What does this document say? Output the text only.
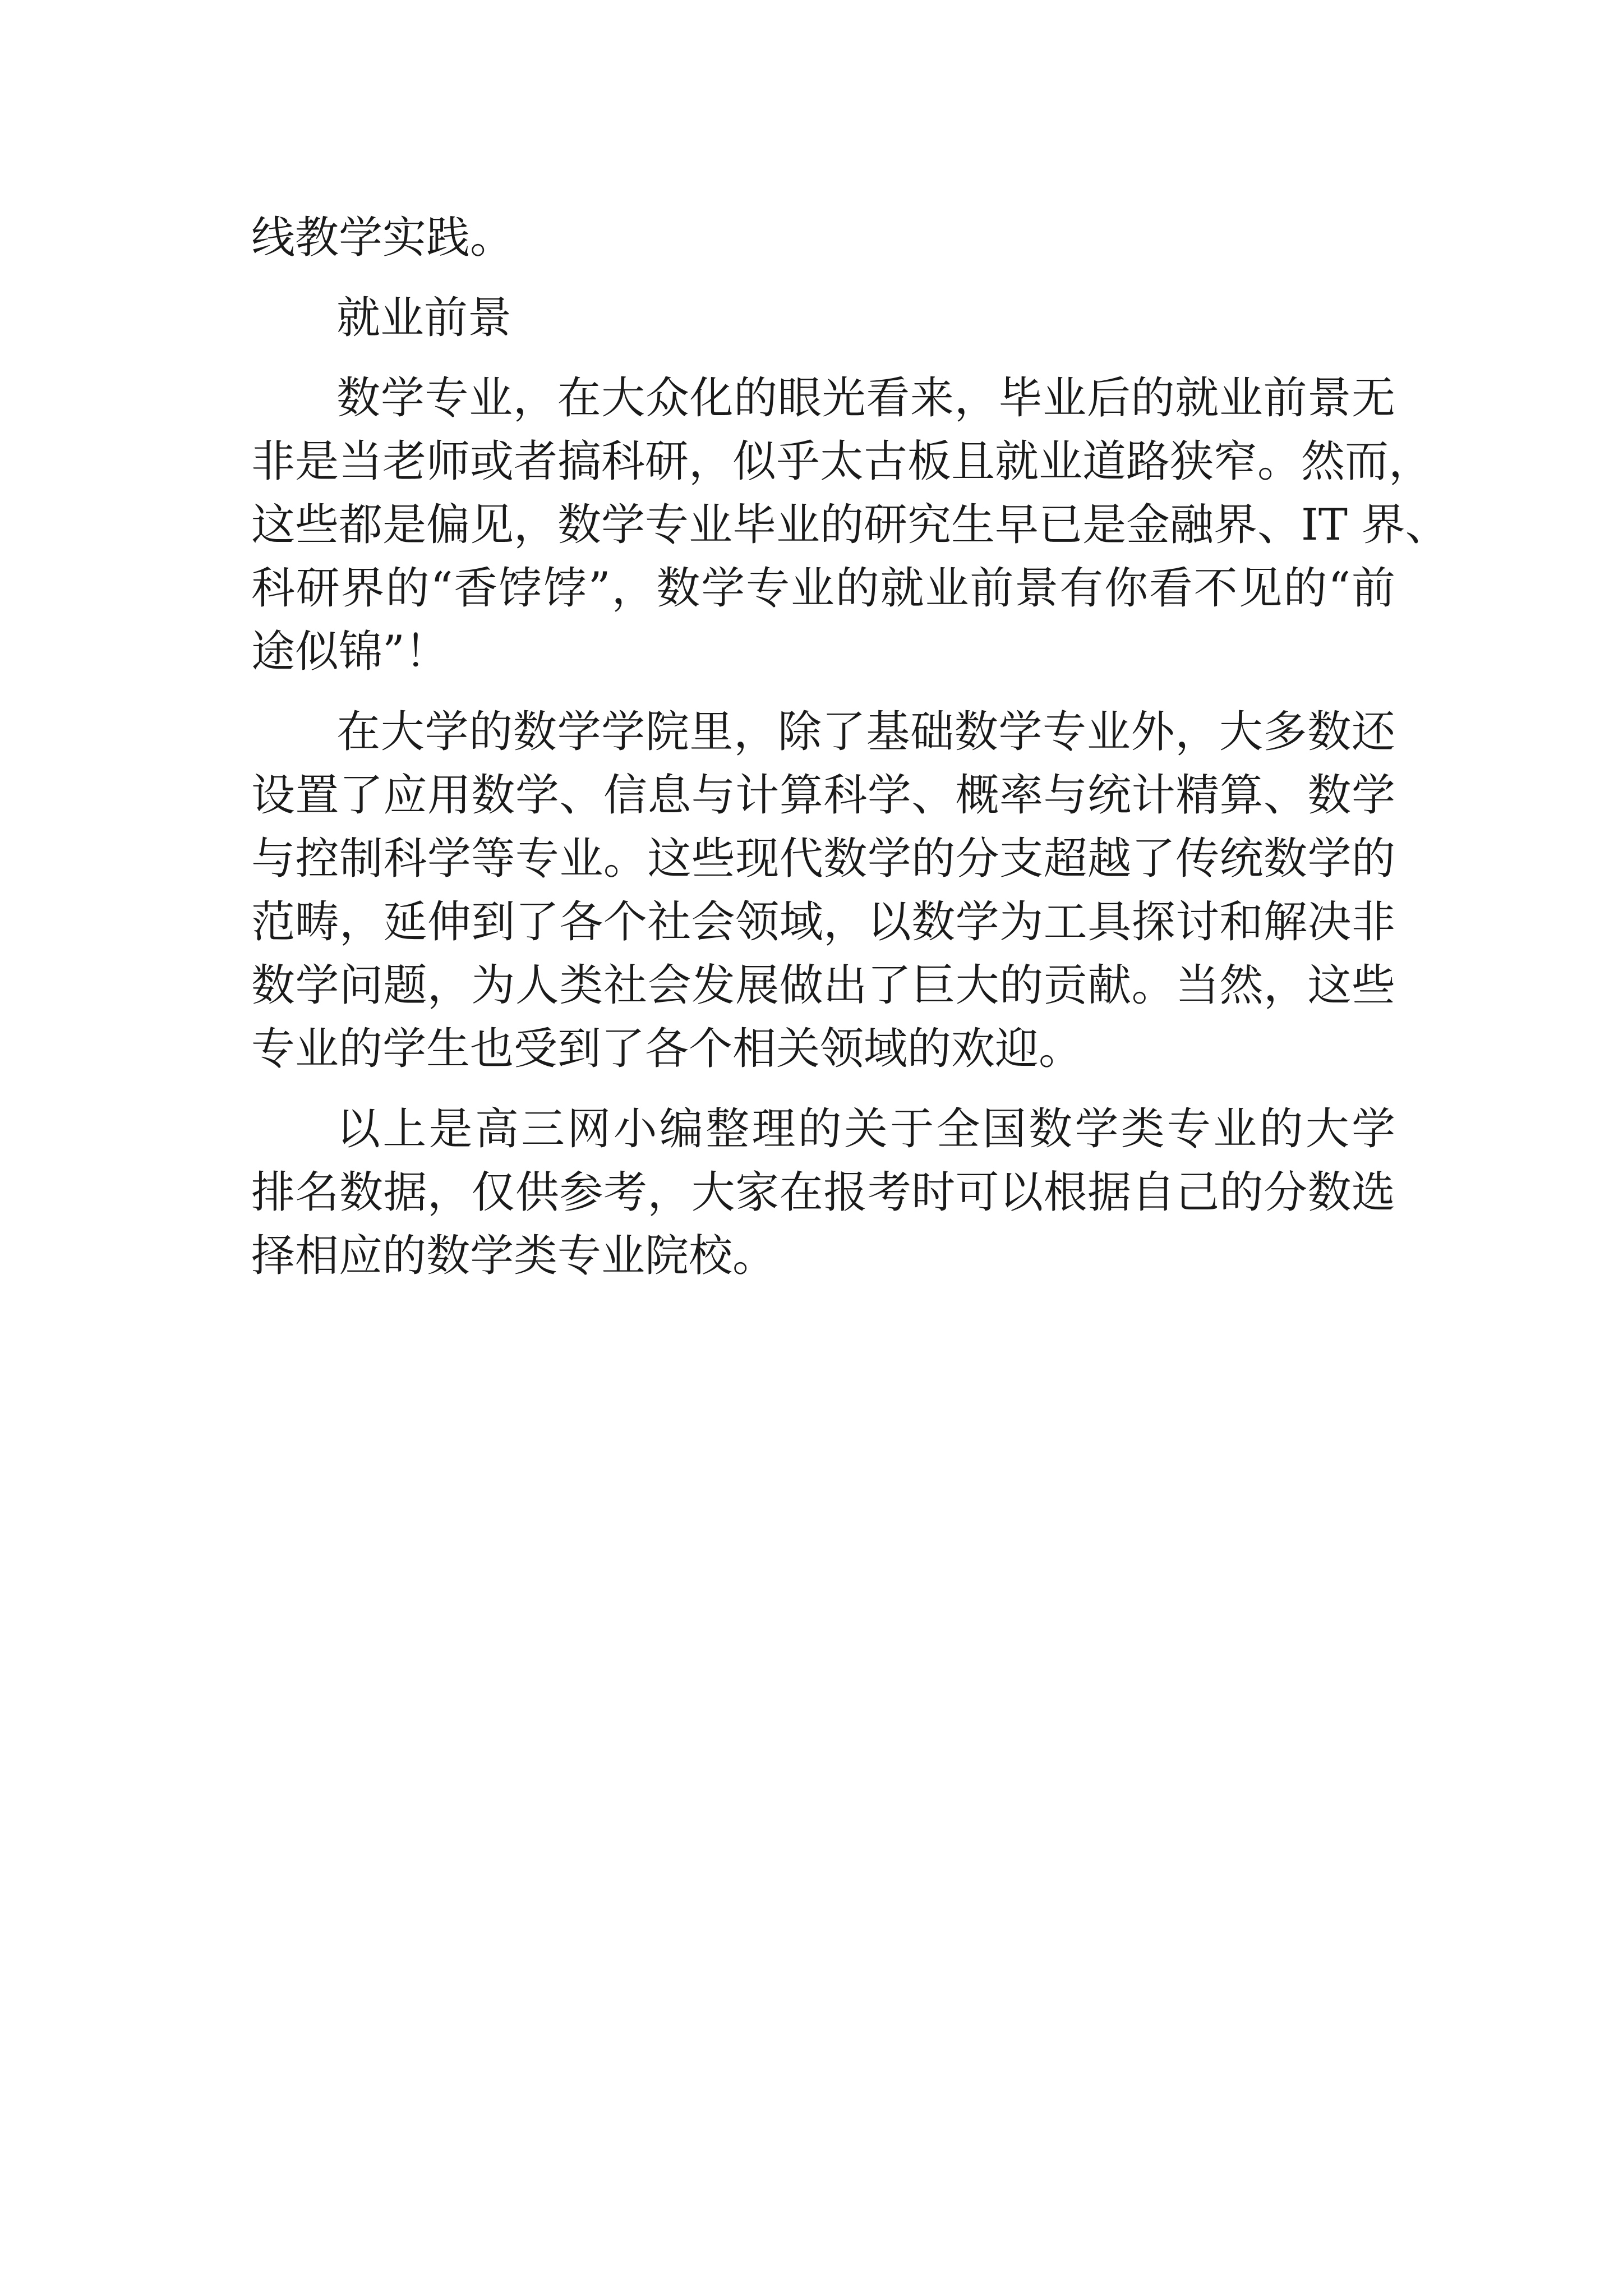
线教学实践。
就业前景
数学专业，在大众化的眼光看来，毕业后的就业前景无
非是当老师或者搞科研，似乎太古板且就业道路狭窄。然而，
这些都是偏见，数学专业毕业的研究生早已是金融界、IT 界、
科研界的“香饽饽”，数学专业的就业前景有你看不见的“前
途似锦”！
在大学的数学学院里，除了基础数学专业外，大多数还
设置了应用数学、信息与计算科学、概率与统计精算、数学
与控制科学等专业。这些现代数学的分支超越了传统数学的
范畴，延伸到了各个社会领域，以数学为工具探讨和解决非
数学问题，为人类社会发展做出了巨大的贡献。当然，这些
专业的学生也受到了各个相关领域的欢迎。
以上是高三网小编整理的关于全国数学类专业的大学
排名数据，仅供参考，大家在报考时可以根据自己的分数选
择相应的数学类专业院校。
